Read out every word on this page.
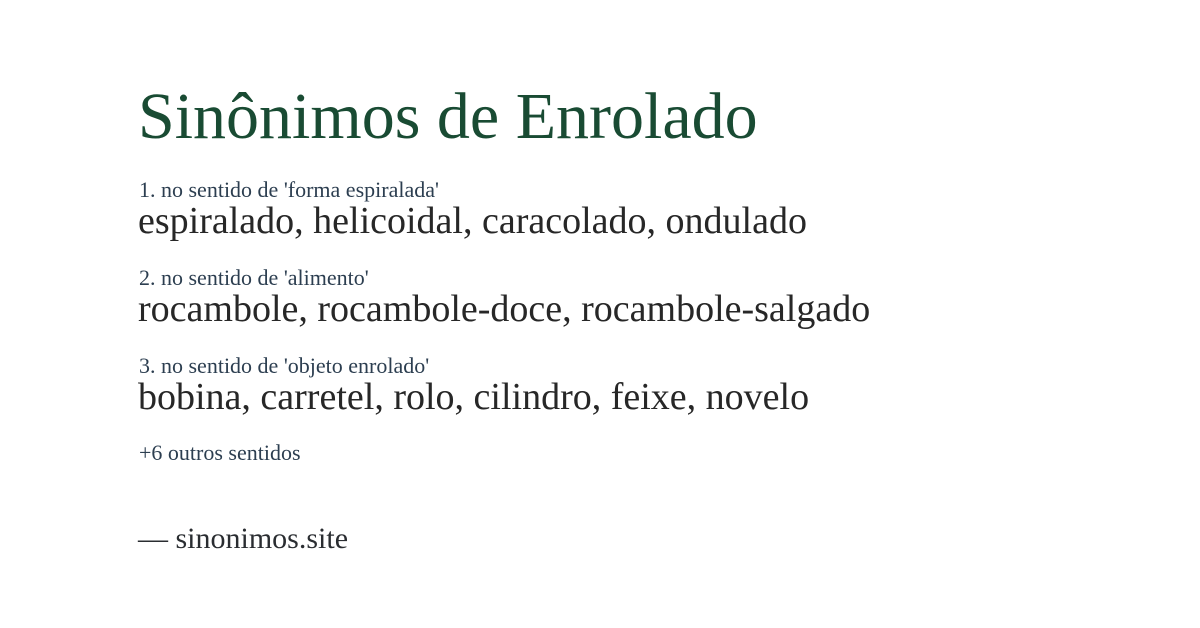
Sinônimos de Enrolado
1. no sentido de 'forma espiralada'
espiralado, helicoidal, caracolado, ondulado
2. no sentido de 'alimento'
rocambole, rocambole-doce, rocambole-salgado
3. no sentido de 'objeto enrolado'
bobina, carretel, rolo, cilindro, feixe, novelo
+6 outros sentidos
— sinonimos.site
